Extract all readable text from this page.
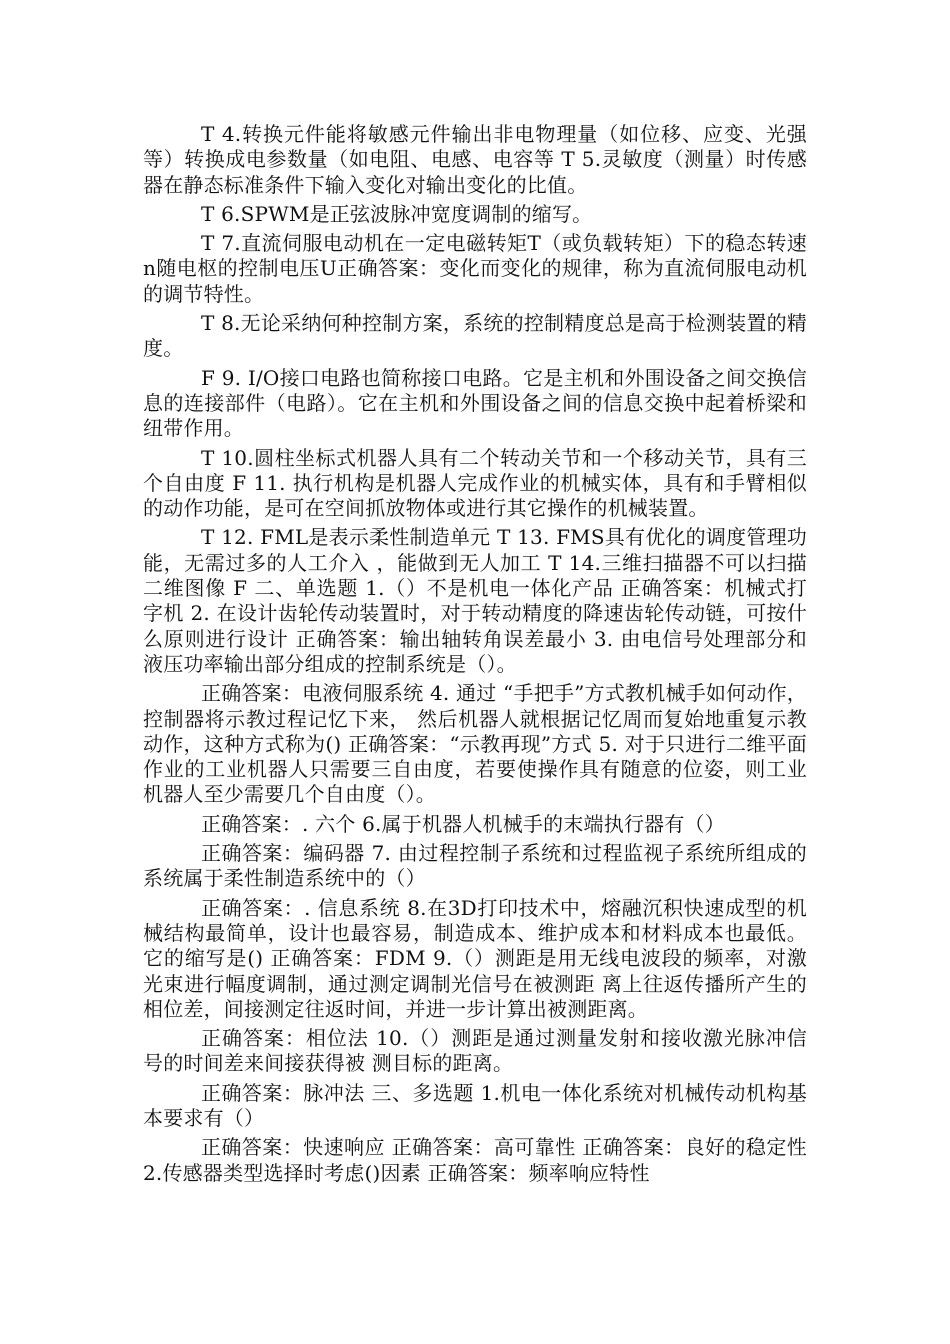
T 4.转换元件能将敏感元件输出非电物理量（如位移、应变、光强等）转换成电参数量（如电阻、电感、电容等 T 5.灵敏度（测量）时传感器在静态标准条件下输入变化对输出变化的比值。

T 6.SPWM是正弦波脉冲宽度调制的缩写。

T 7.直流伺服电动机在一定电磁转矩T（或负载转矩）下的稳态转速n随电枢的控制电压U正确答案：变化而变化的规律，称为直流伺服电动机的调节特性。

T 8.无论采纳何种控制方案，系统的控制精度总是高于检测装置的精度。

F 9. I/O接口电路也简称接口电路。它是主机和外围设备之间交换信息的连接部件（电路）。它在主机和外围设备之间的信息交换中起着桥梁和纽带作用。

T 10.圆柱坐标式机器人具有二个转动关节和一个移动关节，具有三个自由度 F 11. 执行机构是机器人完成作业的机械实体，具有和手臂相似的动作功能，是可在空间抓放物体或进行其它操作的机械装置。

T 12. FML是表示柔性制造单元 T 13. FMS具有优化的调度管理功能，无需过多的人工介入 ，能做到无人加工 T 14.三维扫描器不可以扫描二维图像 F 二、单选题 1.（）不是机电一体化产品 正确答案：机械式打字机 2. 在设计齿轮传动装置时，对于转动精度的降速齿轮传动链，可按什么原则进行设计 正确答案：输出轴转角误差最小 3. 由电信号处理部分和液压功率输出部分组成的控制系统是（）。

正确答案：电液伺服系统 4. 通过 “手把手”方式教机械手如何动作，控制器将示教过程记忆下来， 然后机器人就根据记忆周而复始地重复示教动作，这种方式称为() 正确答案：“示教再现”方式 5. 对于只进行二维平面作业的工业机器人只需要三自由度，若要使操作具有随意的位姿，则工业机器人至少需要几个自由度（）。

正确答案：. 六个 6.属于机器人机械手的末端执行器有（）

正确答案：编码器 7. 由过程控制子系统和过程监视子系统所组成的系统属于柔性制造系统中的（）

正确答案：. 信息系统 8.在3D打印技术中，熔融沉积快速成型的机械结构最简单，设计也最容易，制造成本、维护成本和材料成本也最低。它的缩写是() 正确答案：FDM 9.（）测距是用无线电波段的频率，对激光束进行幅度调制，通过测定调制光信号在被测距 离上往返传播所产生的相位差，间接测定往返时间，并进一步计算出被测距离。

正确答案：相位法 10.（）测距是通过测量发射和接收激光脉冲信 号的时间差来间接获得被 测目标的距离。

正确答案：脉冲法 三、多选题 1.机电一体化系统对机械传动机构基本要求有（）

正确答案：快速响应 正确答案：高可靠性 正确答案：良好的稳定性 2.传感器类型选择时考虑()因素 正确答案：频率响应特性
